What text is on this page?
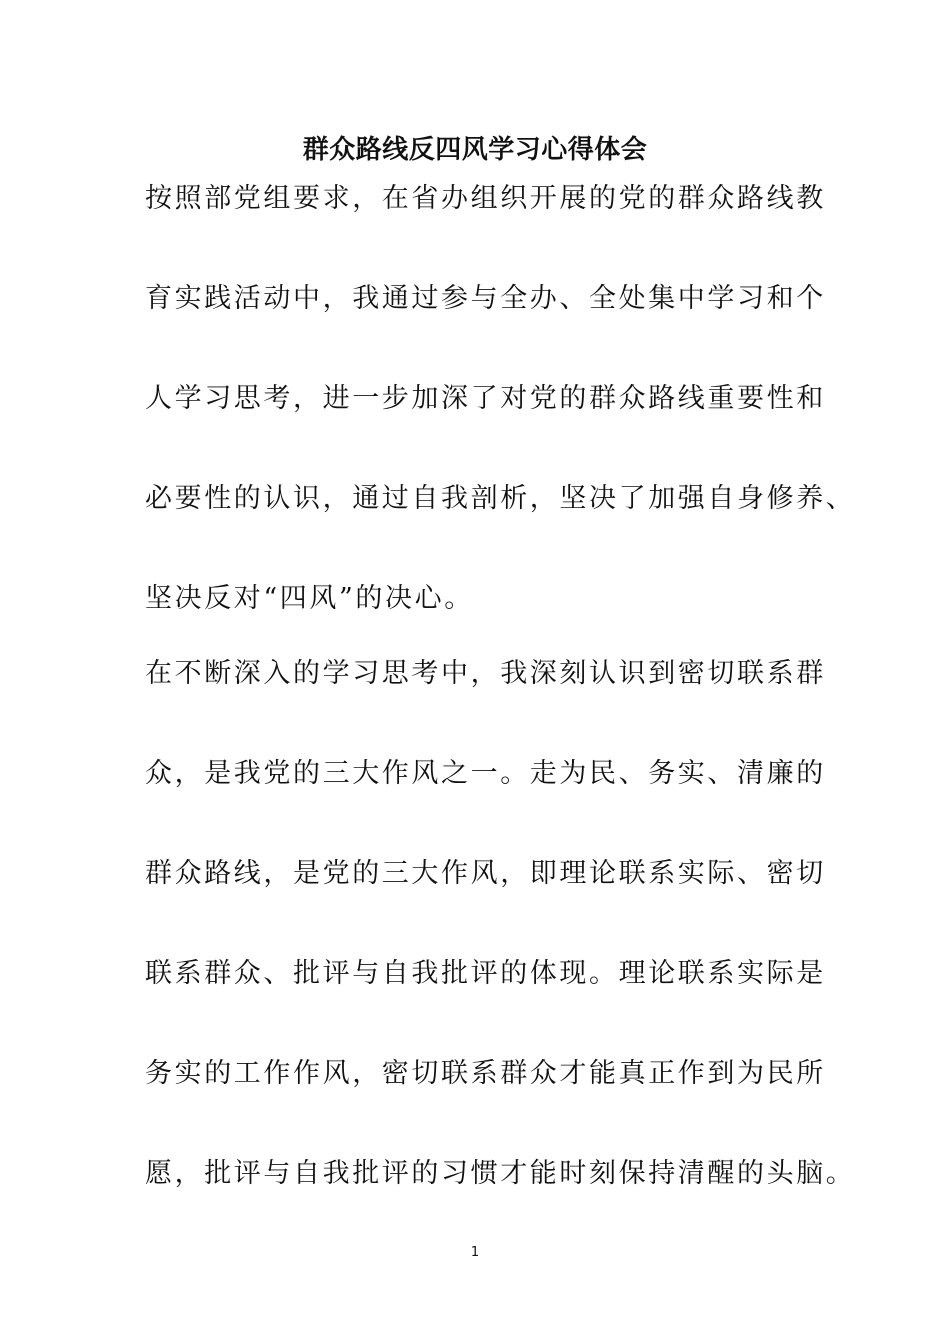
群众路线反四风学习心得体会

按照部党组要求，在省办组织开展的党的群众路线教

育实践活动中，我通过参与全办、全处集中学习和个

人学习思考，进一步加深了对党的群众路线重要性和

必要性的认识，通过自我剖析，坚决了加强自身修养、

坚决反对“四风”的决心。

在不断深入的学习思考中，我深刻认识到密切联系群

众，是我党的三大作风之一。走为民、务实、清廉的

群众路线，是党的三大作风，即理论联系实际、密切

联系群众、批评与自我批评的体现。理论联系实际是

务实的工作作风，密切联系群众才能真正作到为民所

愿，批评与自我批评的习惯才能时刻保持清醒的头脑。

1
